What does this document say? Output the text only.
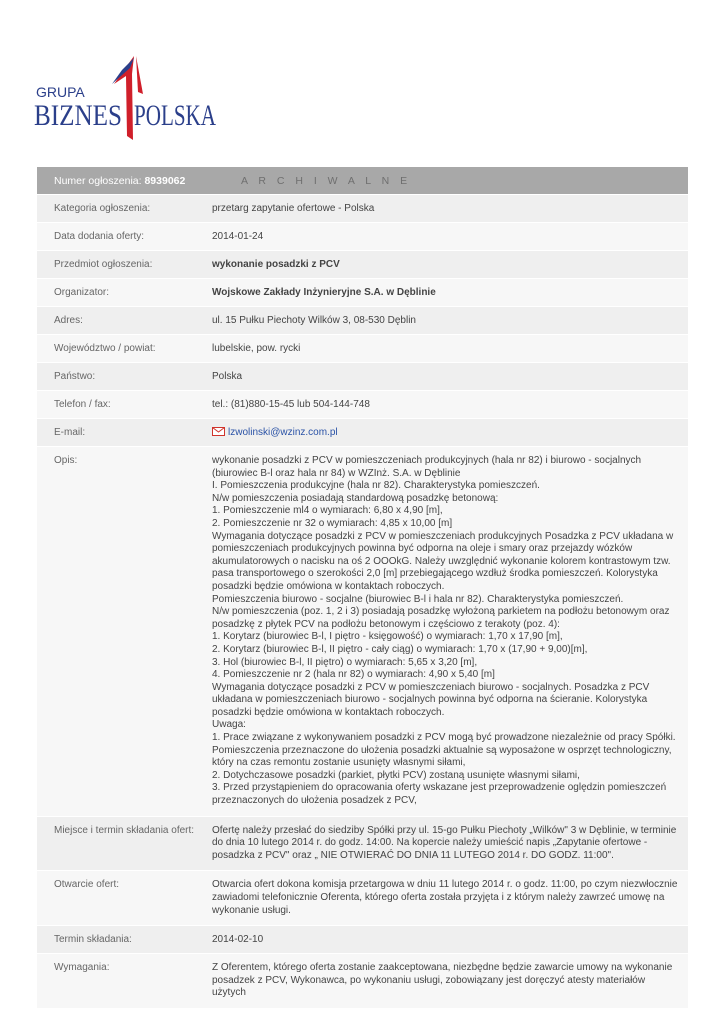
GRUPA
BIZNES POLSKA
Numer ogłoszenia: 8939062	A R C H I W A L N E
Kategoria ogłoszenia:	przetarg zapytanie ofertowe - Polska
Data dodania oferty:	2014-01-24
Przedmiot ogłoszenia:	wykonanie posadzki z PCV
Organizator:	Wojskowe Zakłady Inżynieryjne S.A. w Dęblinie
Adres:	ul. 15 Pułku Piechoty Wilków 3, 08-530 Dęblin
Województwo / powiat:	lubelskie, pow. rycki
Państwo:	Polska
Telefon / fax:	tel.: (81)880-15-45 lub 504-144-748
E-mail:	lzwolinski@wzinz.com.pl
Opis:	wykonanie posadzki z PCV w pomieszczeniach produkcyjnych (hala nr 82) i biurowo - socjalnych

(biurowiec B-l oraz hala nr 84) w WZInż. S.A. w Dęblinie

I. Pomieszczenia produkcyjne (hala nr 82). Charakterystyka pomieszczeń.

N/w pomieszczenia posiadają standardową posadzkę betonową:

1. Pomieszczenie ml4 o wymiarach: 6,80 x 4,90 [m],

2. Pomieszczenie nr 32 o wymiarach: 4,85 x 10,00 [m]

Wymagania dotyczące posadzki z PCV w pomieszczeniach produkcyjnych Posadzka z PCV układana w

pomieszczeniach produkcyjnych powinna być odporna na oleje i smary oraz przejazdy wózków

akumulatorowych o nacisku na oś 2 OOOkG. Należy uwzględnić wykonanie kolorem kontrastowym tzw.

pasa transportowego o szerokości 2,0 [m] przebiegającego wzdłuż środka pomieszczeń. Kolorystyka

posadzki będzie omówiona w kontaktach roboczych.

Pomieszczenia biurowo - socjalne (biurowiec B-l i hala nr 82). Charakterystyka pomieszczeń.

N/w pomieszczenia (poz. 1, 2 i 3) posiadają posadzkę wyłożoną parkietem na podłożu betonowym oraz

posadzkę z płytek PCV na podłożu betonowym i częściowo z terakoty (poz. 4):

1. Korytarz (biurowiec B-l, I piętro - księgowość) o wymiarach: 1,70 x 17,90 [m],

2. Korytarz (biurowiec B-l, II piętro - cały ciąg) o wymiarach: 1,70 x (17,90 + 9,00)[m],

3. Hol (biurowiec B-l, II piętro) o wymiarach: 5,65 x 3,20 [m],

4. Pomieszczenie nr 2 (hala nr 82) o wymiarach: 4,90 x 5,40 [m]

Wymagania dotyczące posadzki z PCV w pomieszczeniach biurowo - socjalnych. Posadzka z PCV

układana w pomieszczeniach biurowo - socjalnych powinna być odporna na ścieranie. Kolorystyka

posadzki będzie omówiona w kontaktach roboczych.

Uwaga:

1. Prace związane z wykonywaniem posadzki z PCV mogą być prowadzone niezależnie od pracy Spółki.

Pomieszczenia przeznaczone do ułożenia posadzki aktualnie są wyposażone w osprzęt technologiczny,

który na czas remontu zostanie usunięty własnymi siłami,

2. Dotychczasowe posadzki (parkiet, płytki PCV) zostaną usunięte własnymi siłami,

3. Przed przystąpieniem do opracowania oferty wskazane jest przeprowadzenie oględzin pomieszczeń

przeznaczonych do ułożenia posadzek z PCV,

Miejsce i termin składania ofert:	Ofertę należy przesłać do siedziby Spółki przy ul. 15-go Pułku Piechoty „Wilków" 3 w Dęblinie, w terminie

do dnia 10 lutego 2014 r. do godz. 14:00. Na kopercie należy umieścić napis „Zapytanie ofertowe -

posadzka z PCV" oraz „ NIE OTWIERAĆ DO DNIA 11 LUTEGO 2014 r. DO GODZ. 11:00".

Otwarcie ofert:	Otwarcia ofert dokona komisja przetargowa w dniu 11 lutego 2014 r. o godz. 11:00, po czym niezwłocznie

zawiadomi telefonicznie Oferenta, którego oferta została przyjęta i z którym należy zawrzeć umowę na

wykonanie usługi.

Termin składania:	2014-02-10
Wymagania:	Z Oferentem, którego oferta zostanie zaakceptowana, niezbędne będzie zawarcie umowy na wykonanie

posadzek z PCV, Wykonawca, po wykonaniu usługi, zobowiązany jest doręczyć atesty materiałów użytych
